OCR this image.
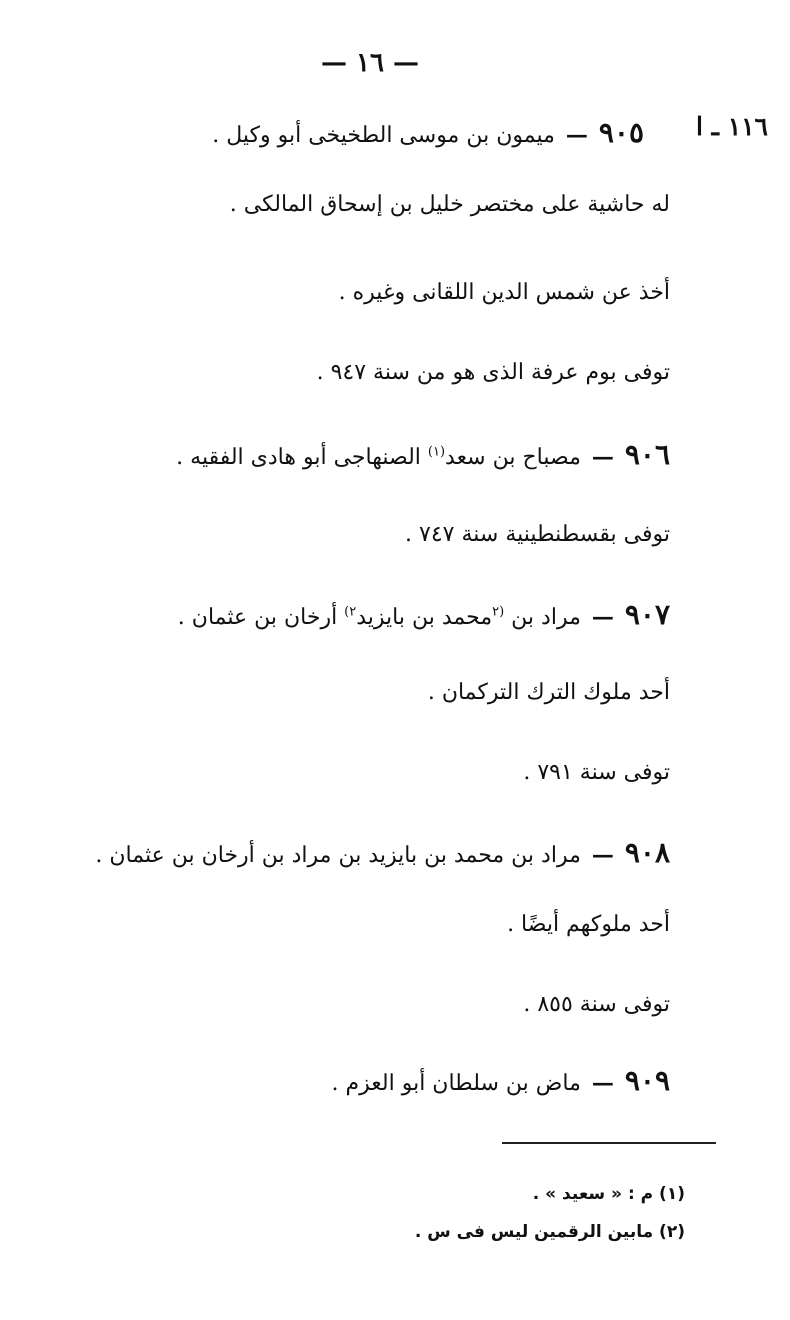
— ١٦ —
١١٦ ـ ا
٩٠٥ — ميمون بن موسى الطخيخى أبو وكيل .
له حاشية على مختصر خليل بن إسحاق المالكى .
أخذ عن شمس الدين اللقانى وغيره .
توفى بوم عرفة الذى هو من سنة ٩٤٧ .
٩٠٦ — مصباح بن سعد$^{(١)}$ الصنهاجى أبو هادى الفقيه .
توفى بقسطنطينية سنة ٧٤٧ .
٩٠٧ — مراد بن $^{(٢}$محمد بن بايزيد$^{٢)}$ أرخان بن عثمان .
أحد ملوك الترك التركمان .
توفى سنة ٧٩١ .
٩٠٨ — مراد بن محمد بن بايزيد بن مراد بن أرخان بن عثمان .
أحد ملوكهم أيضًا .
توفى سنة ٨٥٥ .
٩٠٩ — ماض بن سلطان أبو العزم .
(١) م : « سعيد » .
(٢) مابين الرقمين ليس فى س .
